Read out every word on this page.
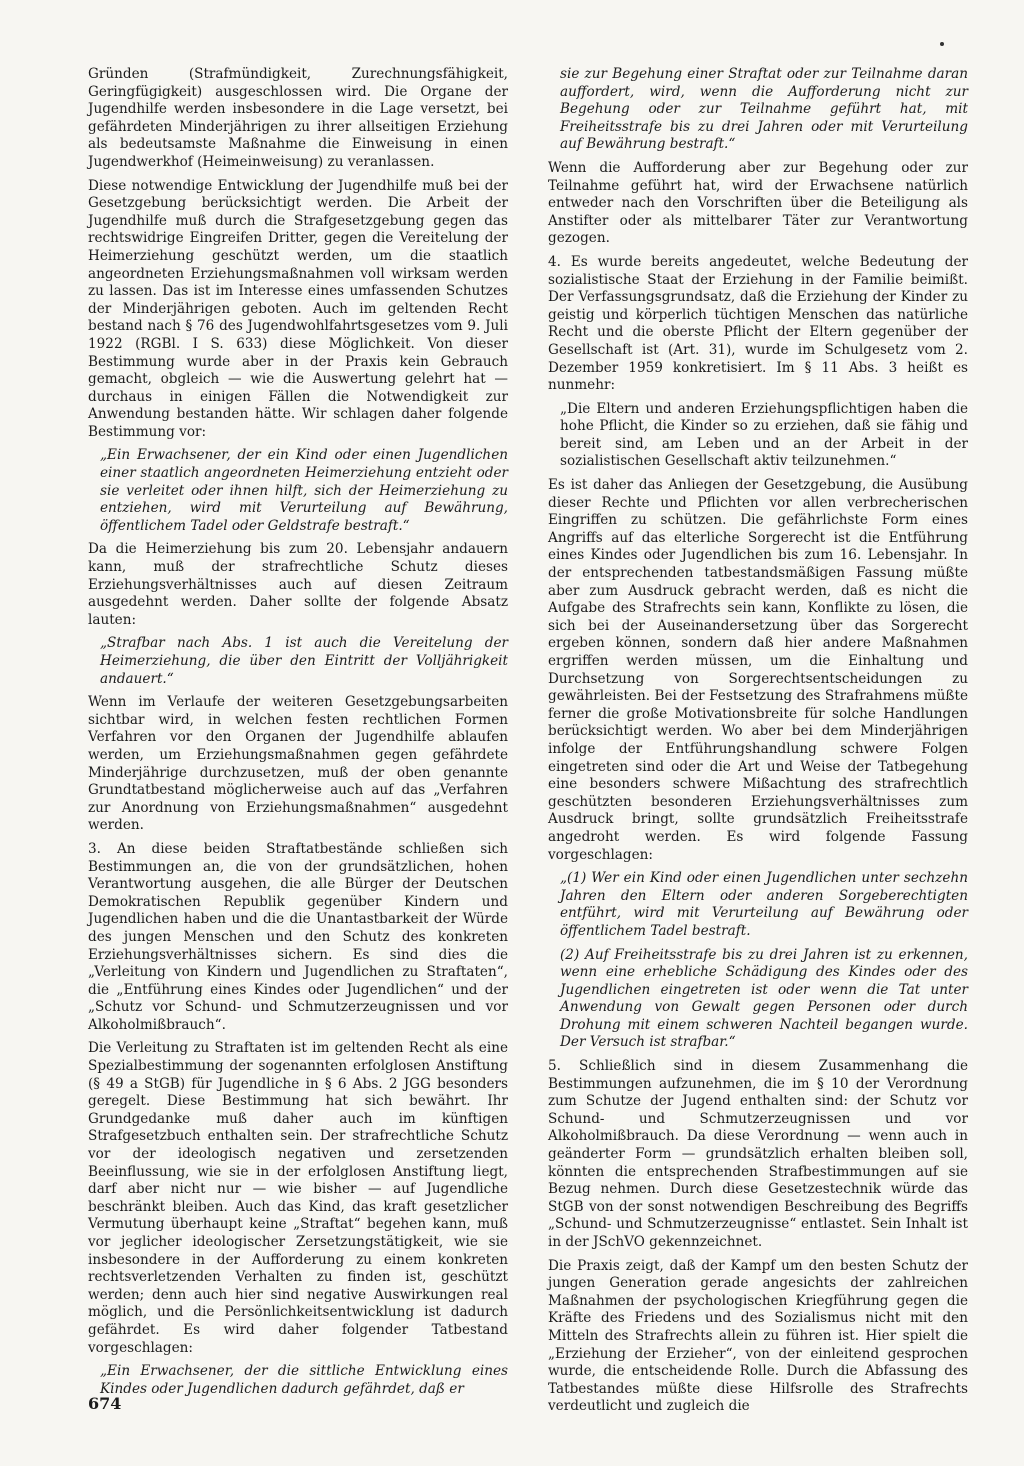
Gründen (Strafmündigkeit, Zurechnungsfähigkeit, Geringfügigkeit) ausgeschlossen wird. Die Organe der Jugendhilfe werden insbesondere in die Lage versetzt, bei gefährdeten Minderjährigen zu ihrer allseitigen Erziehung als bedeutsamste Maßnahme die Einweisung in einen Jugendwerkhof (Heimeinweisung) zu veranlassen.

Diese notwendige Entwicklung der Jugendhilfe muß bei der Gesetzgebung berücksichtigt werden. Die Arbeit der Jugendhilfe muß durch die Strafgesetzgebung gegen das rechtswidrige Eingreifen Dritter, gegen die Vereitelung der Heimerziehung geschützt werden, um die staatlich angeordneten Erziehungsmaßnahmen voll wirksam werden zu lassen. Das ist im Interesse eines umfassenden Schutzes der Minderjährigen geboten. Auch im geltenden Recht bestand nach § 76 des Jugendwohlfahrtsgesetzes vom 9. Juli 1922 (RGBl. I S. 633) diese Möglichkeit. Von dieser Bestimmung wurde aber in der Praxis kein Gebrauch gemacht, obgleich — wie die Auswertung gelehrt hat — durchaus in einigen Fällen die Notwendigkeit zur Anwendung bestanden hätte. Wir schlagen daher folgende Bestimmung vor:

„Ein Erwachsener, der ein Kind oder einen Jugendlichen einer staatlich angeordneten Heimerziehung entzieht oder sie verleitet oder ihnen hilft, sich der Heimerziehung zu entziehen, wird mit Verurteilung auf Bewährung, öffentlichem Tadel oder Geldstrafe bestraft.“

Da die Heimerziehung bis zum 20. Lebensjahr andauern kann, muß der strafrechtliche Schutz dieses Erziehungsverhältnisses auch auf diesen Zeitraum ausgedehnt werden. Daher sollte der folgende Absatz lauten:

„Strafbar nach Abs. 1 ist auch die Vereitelung der Heimerziehung, die über den Eintritt der Volljährigkeit andauert.“

Wenn im Verlaufe der weiteren Gesetzgebungsarbeiten sichtbar wird, in welchen festen rechtlichen Formen Verfahren vor den Organen der Jugendhilfe ablaufen werden, um Erziehungsmaßnahmen gegen gefährdete Minderjährige durchzusetzen, muß der oben genannte Grundtatbestand möglicherweise auch auf das „Verfahren zur Anordnung von Erziehungsmaßnahmen“ ausgedehnt werden.

3. An diese beiden Straftatbestände schließen sich Bestimmungen an, die von der grundsätzlichen, hohen Verantwortung ausgehen, die alle Bürger der Deutschen Demokratischen Republik gegenüber Kindern und Jugendlichen haben und die die Unantastbarkeit der Würde des jungen Menschen und den Schutz des konkreten Erziehungsverhältnisses sichern. Es sind dies die „Verleitung von Kindern und Jugendlichen zu Straftaten“, die „Entführung eines Kindes oder Jugendlichen“ und der „Schutz vor Schund- und Schmutzerzeugnissen und vor Alkoholmißbrauch“.

Die Verleitung zu Straftaten ist im geltenden Recht als eine Spezialbestimmung der sogenannten erfolglosen Anstiftung (§ 49 a StGB) für Jugendliche in § 6 Abs. 2 JGG besonders geregelt. Diese Bestimmung hat sich bewährt. Ihr Grundgedanke muß daher auch im künftigen Strafgesetzbuch enthalten sein. Der strafrechtliche Schutz vor der ideologisch negativen und zersetzenden Beeinflussung, wie sie in der erfolglosen Anstiftung liegt, darf aber nicht nur — wie bisher — auf Jugendliche beschränkt bleiben. Auch das Kind, das kraft gesetzlicher Vermutung überhaupt keine „Straftat“ begehen kann, muß vor jeglicher ideologischer Zersetzungstätigkeit, wie sie insbesondere in der Aufforderung zu einem konkreten rechtsverletzenden Verhalten zu finden ist, geschützt werden; denn auch hier sind negative Auswirkungen real möglich, und die Persönlichkeitsentwicklung ist dadurch gefährdet. Es wird daher folgender Tatbestand vorgeschlagen:

„Ein Erwachsener, der die sittliche Entwicklung eines Kindes oder Jugendlichen dadurch gefährdet, daß er

sie zur Begehung einer Straftat oder zur Teilnahme daran auffordert, wird, wenn die Aufforderung nicht zur Begehung oder zur Teilnahme geführt hat, mit Freiheitsstrafe bis zu drei Jahren oder mit Verurteilung auf Bewährung bestraft.“

Wenn die Aufforderung aber zur Begehung oder zur Teilnahme geführt hat, wird der Erwachsene natürlich entweder nach den Vorschriften über die Beteiligung als Anstifter oder als mittelbarer Täter zur Verantwortung gezogen.

4. Es wurde bereits angedeutet, welche Bedeutung der sozialistische Staat der Erziehung in der Familie beimißt. Der Verfassungsgrundsatz, daß die Erziehung der Kinder zu geistig und körperlich tüchtigen Menschen das natürliche Recht und die oberste Pflicht der Eltern gegenüber der Gesellschaft ist (Art. 31), wurde im Schulgesetz vom 2. Dezember 1959 konkretisiert. Im § 11 Abs. 3 heißt es nunmehr:

„Die Eltern und anderen Erziehungspflichtigen haben die hohe Pflicht, die Kinder so zu erziehen, daß sie fähig und bereit sind, am Leben und an der Arbeit in der sozialistischen Gesellschaft aktiv teilzunehmen.“

Es ist daher das Anliegen der Gesetzgebung, die Ausübung dieser Rechte und Pflichten vor allen verbrecherischen Eingriffen zu schützen. Die gefährlichste Form eines Angriffs auf das elterliche Sorgerecht ist die Entführung eines Kindes oder Jugendlichen bis zum 16. Lebensjahr. In der entsprechenden tatbestandsmäßigen Fassung müßte aber zum Ausdruck gebracht werden, daß es nicht die Aufgabe des Strafrechts sein kann, Konflikte zu lösen, die sich bei der Auseinandersetzung über das Sorgerecht ergeben können, sondern daß hier andere Maßnahmen ergriffen werden müssen, um die Einhaltung und Durchsetzung von Sorgerechtsentscheidungen zu gewährleisten. Bei der Festsetzung des Strafrahmens müßte ferner die große Motivationsbreite für solche Handlungen berücksichtigt werden. Wo aber bei dem Minderjährigen infolge der Entführungshandlung schwere Folgen eingetreten sind oder die Art und Weise der Tatbegehung eine besonders schwere Mißachtung des strafrechtlich geschützten besonderen Erziehungsverhältnisses zum Ausdruck bringt, sollte grundsätzlich Freiheitsstrafe angedroht werden. Es wird folgende Fassung vorgeschlagen:

„(1) Wer ein Kind oder einen Jugendlichen unter sechzehn Jahren den Eltern oder anderen Sorgeberechtigten entführt, wird mit Verurteilung auf Bewährung oder öffentlichem Tadel bestraft.

(2) Auf Freiheitsstrafe bis zu drei Jahren ist zu erkennen, wenn eine erhebliche Schädigung des Kindes oder des Jugendlichen eingetreten ist oder wenn die Tat unter Anwendung von Gewalt gegen Personen oder durch Drohung mit einem schweren Nachteil begangen wurde. Der Versuch ist strafbar.“

5. Schließlich sind in diesem Zusammenhang die Bestimmungen aufzunehmen, die im § 10 der Verordnung zum Schutze der Jugend enthalten sind: der Schutz vor Schund- und Schmutzerzeugnissen und vor Alkoholmißbrauch. Da diese Verordnung — wenn auch in geänderter Form — grundsätzlich erhalten bleiben soll, könnten die entsprechenden Strafbestimmungen auf sie Bezug nehmen. Durch diese Gesetzestechnik würde das StGB von der sonst notwendigen Beschreibung des Begriffs „Schund- und Schmutzerzeugnisse“ entlastet. Sein Inhalt ist in der JSchVO gekennzeichnet.

Die Praxis zeigt, daß der Kampf um den besten Schutz der jungen Generation gerade angesichts der zahlreichen Maßnahmen der psychologischen Kriegführung gegen die Kräfte des Friedens und des Sozialismus nicht mit den Mitteln des Strafrechts allein zu führen ist. Hier spielt die „Erziehung der Erzieher“, von der einleitend gesprochen wurde, die entscheidende Rolle. Durch die Abfassung des Tatbestandes müßte diese Hilfsrolle des Strafrechts verdeutlicht und zugleich die

674
